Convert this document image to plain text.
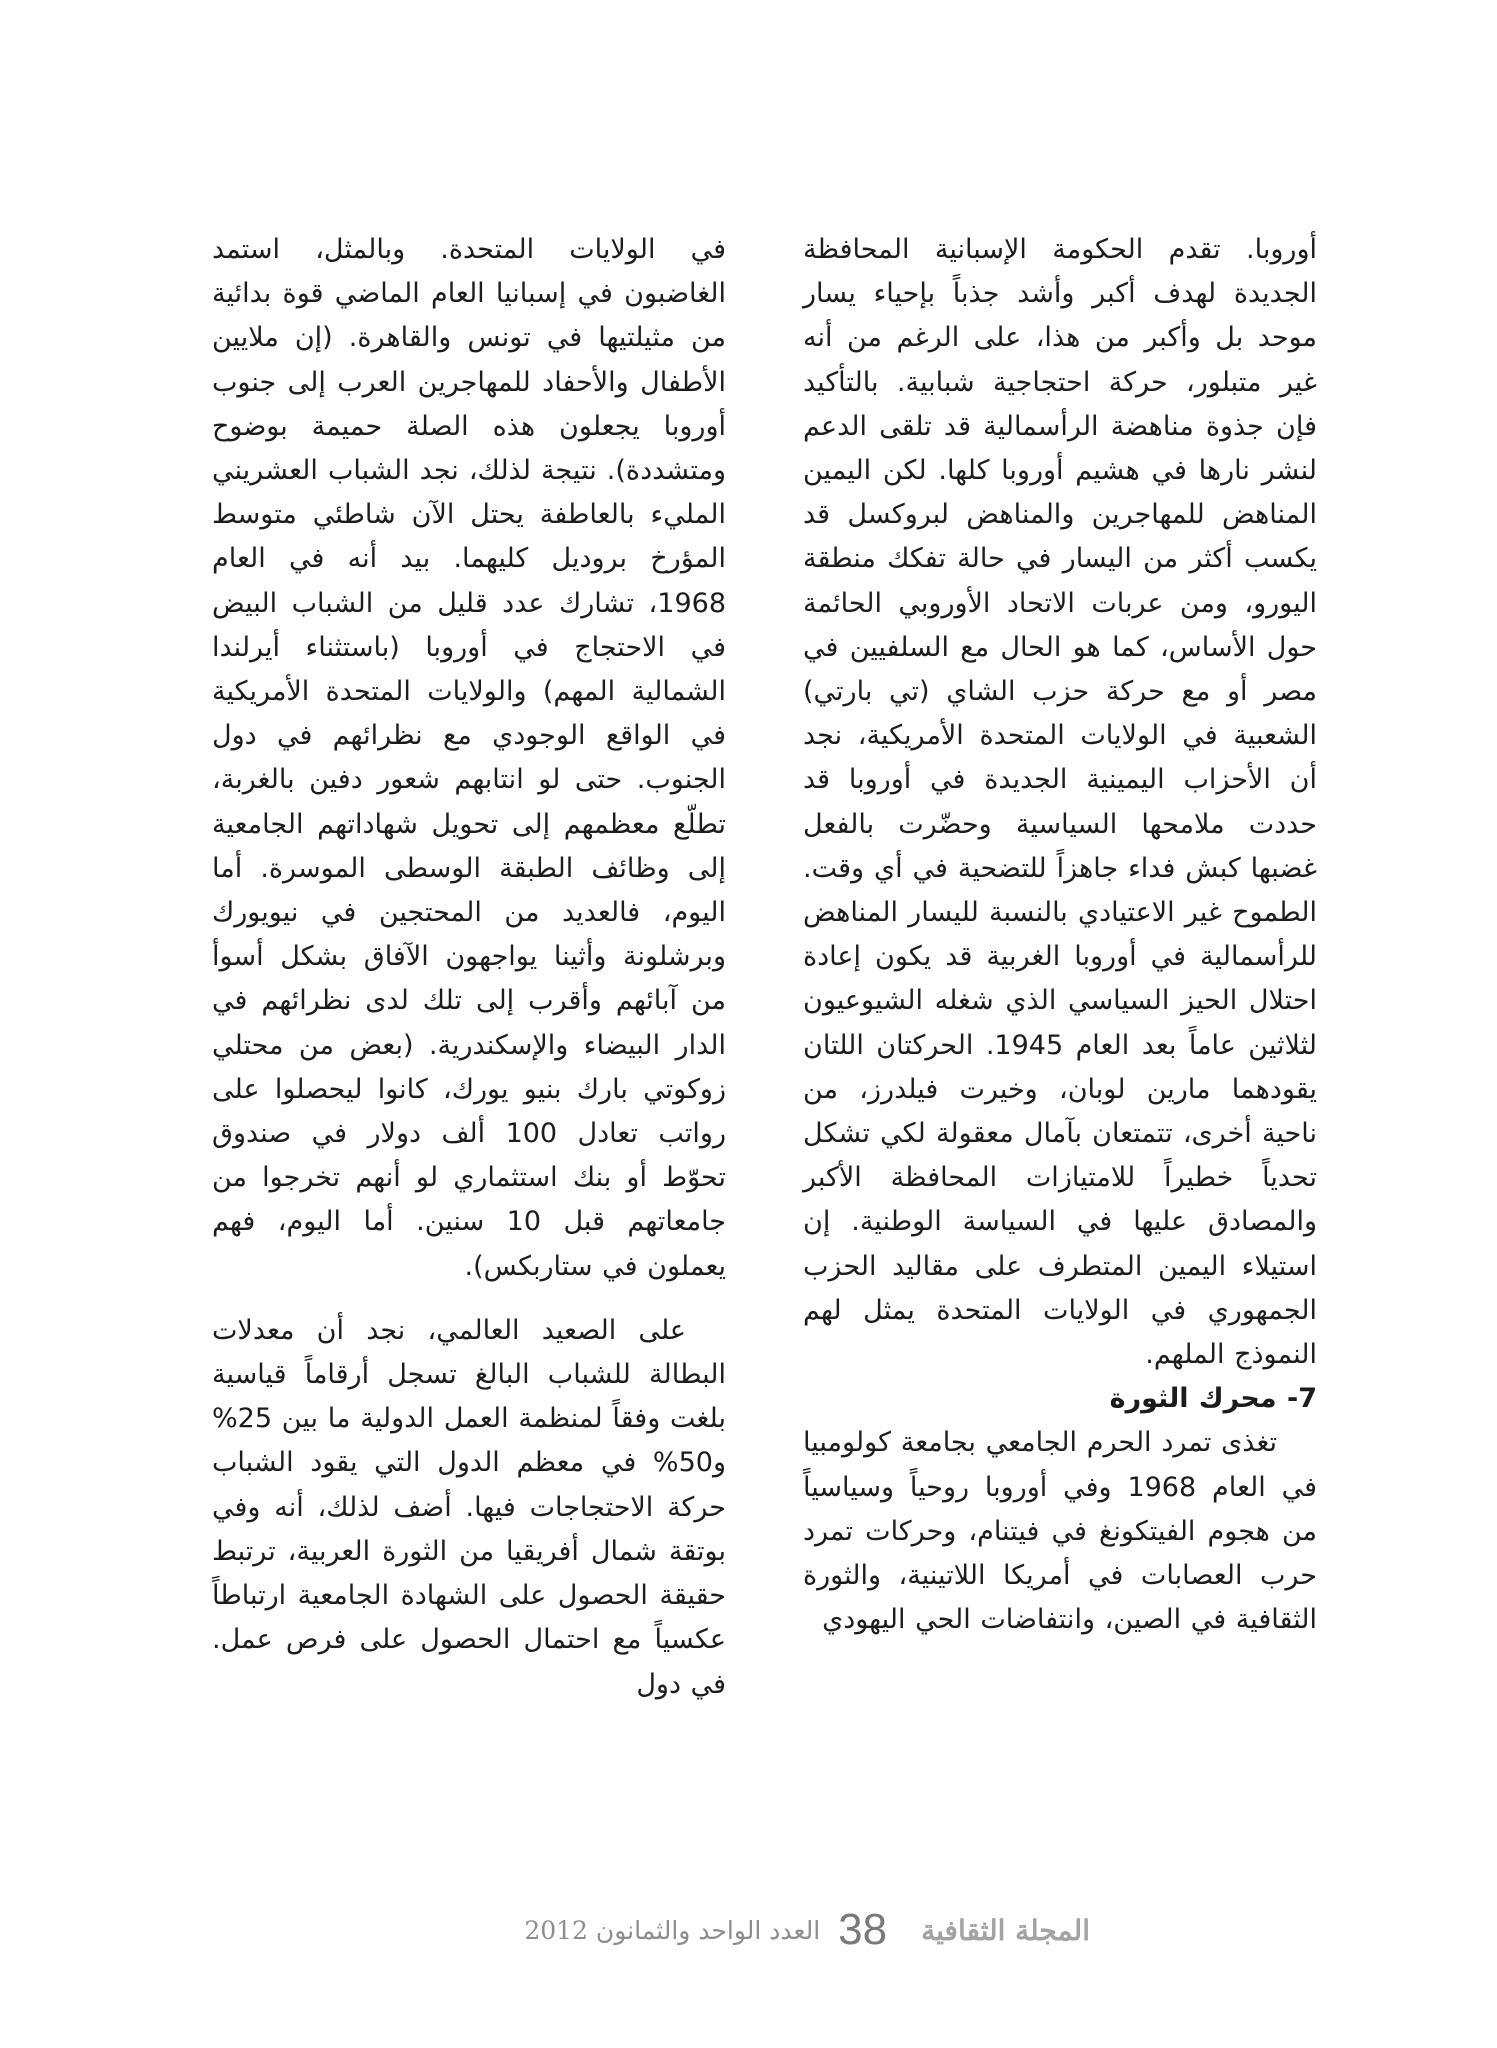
أوروبا. تقدم الحكومة الإسبانية المحافظة الجديدة لهدف أكبر وأشد جذباً بإحياء يسار موحد بل وأكبر من هذا، على الرغم من أنه غير متبلور، حركة احتجاجية شبابية. بالتأكيد فإن جذوة مناهضة الرأسمالية قد تلقى الدعم لنشر نارها في هشيم أوروبا كلها. لكن اليمين المناهض للمهاجرين والمناهض لبروكسل قد يكسب أكثر من اليسار في حالة تفكك منطقة اليورو، ومن عربات الاتحاد الأوروبي الحائمة حول الأساس، كما هو الحال مع السلفيين في مصر أو مع حركة حزب الشاي (تي بارتي) الشعبية في الولايات المتحدة الأمريكية، نجد أن الأحزاب اليمينية الجديدة في أوروبا قد حددت ملامحها السياسية وحضّرت بالفعل غضبها كبش فداء جاهزاً للتضحية في أي وقت. الطموح غير الاعتيادي بالنسبة لليسار المناهض للرأسمالية في أوروبا الغربية قد يكون إعادة احتلال الحيز السياسي الذي شغله الشيوعيون لثلاثين عاماً بعد العام 1945. الحركتان اللتان يقودهما مارين لوبان، وخيرت فيلدرز، من ناحية أخرى، تتمتعان بآمال معقولة لكي تشكل تحدياً خطيراً للامتيازات المحافظة الأكبر والمصادق عليها في السياسة الوطنية. إن استيلاء اليمين المتطرف على مقاليد الحزب الجمهوري في الولايات المتحدة يمثل لهم النموذج الملهم.

7- محرك الثورة

تغذى تمرد الحرم الجامعي بجامعة كولومبيا في العام 1968 وفي أوروبا روحياً وسياسياً من هجوم الفيتكونغ في فيتنام، وحركات تمرد حرب العصابات في أمريكا اللاتينية، والثورة الثقافية في الصين، وانتفاضات الحي اليهودي

في الولايات المتحدة. وبالمثل، استمد الغاضبون في إسبانيا العام الماضي قوة بدائية من مثيلتيها في تونس والقاهرة. (إن ملايين الأطفال والأحفاد للمهاجرين العرب إلى جنوب أوروبا يجعلون هذه الصلة حميمة بوضوح ومتشددة). نتيجة لذلك، نجد الشباب العشريني المليء بالعاطفة يحتل الآن شاطئي متوسط المؤرخ برودیل كليهما. بيد أنه في العام 1968، تشارك عدد قليل من الشباب البيض في الاحتجاج في أوروبا (باستثناء أيرلندا الشمالية المهم) والولايات المتحدة الأمريكية في الواقع الوجودي مع نظرائهم في دول الجنوب. حتى لو انتابهم شعور دفين بالغربة، تطلّع معظمهم إلى تحويل شهاداتهم الجامعية إلى وظائف الطبقة الوسطى الموسرة. أما اليوم، فالعديد من المحتجين في نيويورك وبرشلونة وأثينا يواجهون الآفاق بشكل أسوأ من آبائهم وأقرب إلى تلك لدى نظرائهم في الدار البيضاء والإسكندرية. (بعض من محتلي زوكوتي بارك بنيو يورك، كانوا ليحصلوا على رواتب تعادل 100 ألف دولار في صندوق تحوّط أو بنك استثماري لو أنهم تخرجوا من جامعاتهم قبل 10 سنين. أما اليوم، فهم يعملون في ستاربكس).

على الصعيد العالمي، نجد أن معدلات البطالة للشباب البالغ تسجل أرقاماً قياسية بلغت وفقاً لمنظمة العمل الدولية ما بين 25% و50% في معظم الدول التي يقود الشباب حركة الاحتجاجات فيها. أضف لذلك، أنه وفي بوتقة شمال أفريقيا من الثورة العربية، ترتبط حقيقة الحصول على الشهادة الجامعية ارتباطاً عكسياً مع احتمال الحصول على فرص عمل. في دول

المجلة الثقافية
38
العدد الواحد والثمانون 2012
